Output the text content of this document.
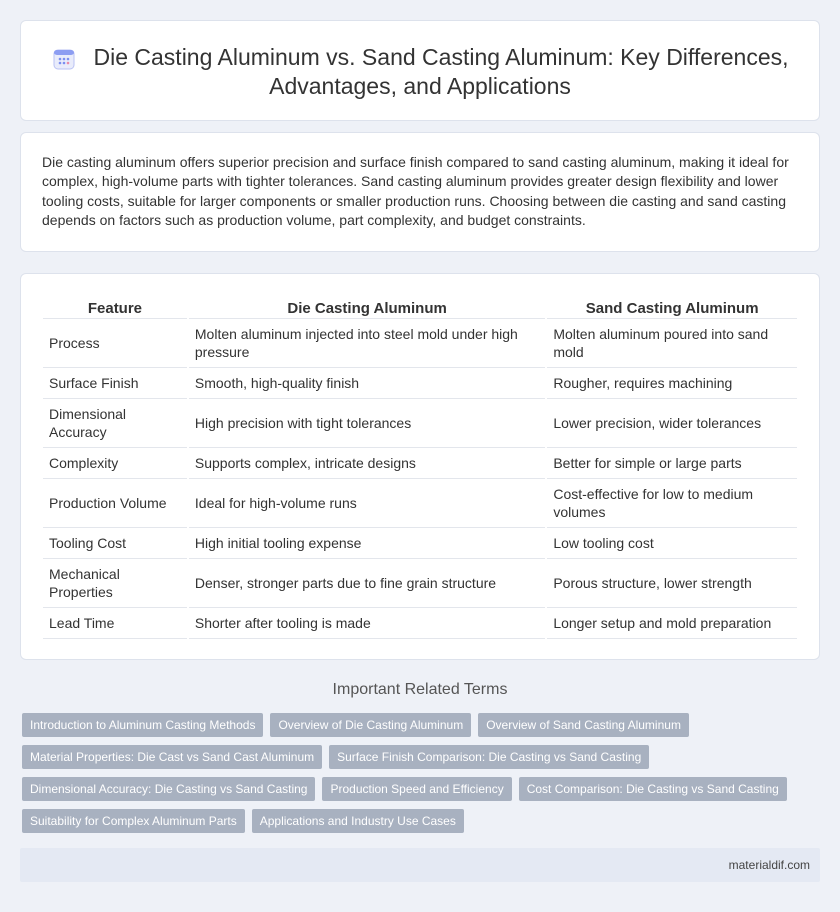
Die Casting Aluminum vs. Sand Casting Aluminum: Key Differences, Advantages, and Applications

Die casting aluminum offers superior precision and surface finish compared to sand casting aluminum, making it ideal for complex, high-volume parts with tighter tolerances. Sand casting aluminum provides greater design flexibility and lower tooling costs, suitable for larger components or smaller production runs. Choosing between die casting and sand casting depends on factors such as production volume, part complexity, and budget constraints.

Feature	Die Casting Aluminum	Sand Casting Aluminum
Process	Molten aluminum injected into steel mold under high pressure	Molten aluminum poured into sand mold
Surface Finish	Smooth, high-quality finish	Rougher, requires machining
Dimensional Accuracy	High precision with tight tolerances	Lower precision, wider tolerances
Complexity	Supports complex, intricate designs	Better for simple or large parts
Production Volume	Ideal for high-volume runs	Cost-effective for low to medium volumes
Tooling Cost	High initial tooling expense	Low tooling cost
Mechanical Properties	Denser, stronger parts due to fine grain structure	Porous structure, lower strength
Lead Time	Shorter after tooling is made	Longer setup and mold preparation
Important Related Terms
Introduction to Aluminum Casting Methods Overview of Die Casting Aluminum Overview of Sand Casting Aluminum
Material Properties: Die Cast vs Sand Cast Aluminum Surface Finish Comparison: Die Casting vs Sand Casting
Dimensional Accuracy: Die Casting vs Sand Casting Production Speed and Efficiency Cost Comparison: Die Casting vs Sand Casting
Suitability for Complex Aluminum Parts Applications and Industry Use Cases
materialdif.com
